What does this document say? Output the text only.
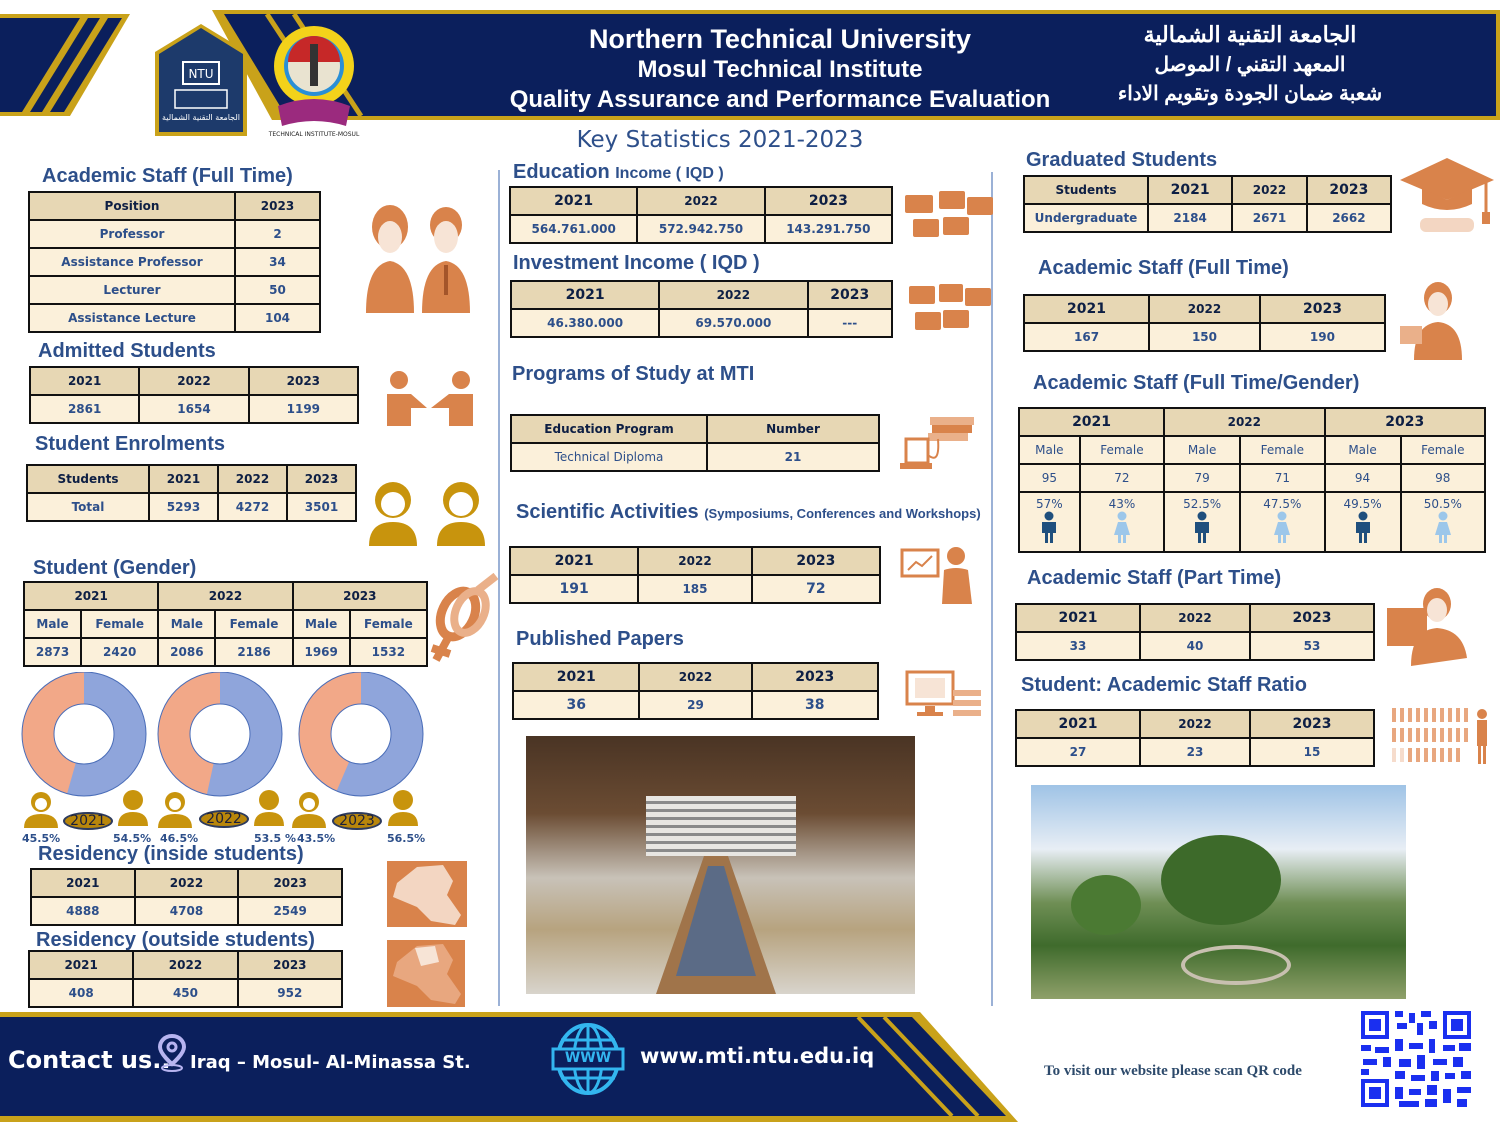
Northern Technical University
Mosul Technical Institute
Quality Assurance and Performance Evaluation
الجامعة التقنية الشمالية
المعهد التقني / الموصل
شعبة ضمان الجودة وتقويم الاداء
NTU
الجامعة التقنية الشمالية
TECHNICAL INSTITUTE-MOSUL	Key Statistics 2021-2023
Academic Staff (Full Time)
Position	2023
Professor	2
Assistance Professor	34
Lecturer	50
Assistance Lecture	104
Admitted Students
2021	2022	2023
2861	1654	1199
Student Enrolments
Students	2021	2022	2023
Total	5293	4272	3501
Student (Gender)
2021		2022		2023	
Male	Female	Male	Female	Male	Female
2873	2420	2086	2186	1969	1532
2021	2022	2023
45.5%	54.5% 46.5%	53.5 % 43.5%	56.5%
Residency (inside students)
2021	2022	2023
4888	4708	2549
Residency (outside students)
2021	2022	2023
408	450	952
Education Income ( IQD )
2021	2022	2023
564.761.000	572.942.750	143.291.750
Investment Income ( IQD )
2021	2022	2023
46.380.000	69.570.000	---
Programs of Study at MTI
Education Program	Number
Technical Diploma	21
Scientific Activities (Symposiums, Conferences and Workshops)
2021	2022	2023
191	185	72
Published Papers
2021	2022	2023
36	29	38
Graduated Students
Students	2021	2022	2023
Undergraduate	2184	2671	2662
Academic Staff (Full Time)
2021	2022	2023
167	150	190
Academic Staff (Full Time/Gender)
2021		2022		2023	
Male	Female	Male	Female	Male	Female
95	72	79	71	94	98

57%	43%	52.5%	47.5%	49.5%	50.5%
Academic Staff (Part Time)
2021	2022	2023
33	40	53
Student: Academic Staff Ratio
2021	2022	2023
27	23	15
Contact us.. Iraq – Mosul- Al-Minassa St.	WWW	www.mti.ntu.edu.iq
To visit our website please scan QR code
